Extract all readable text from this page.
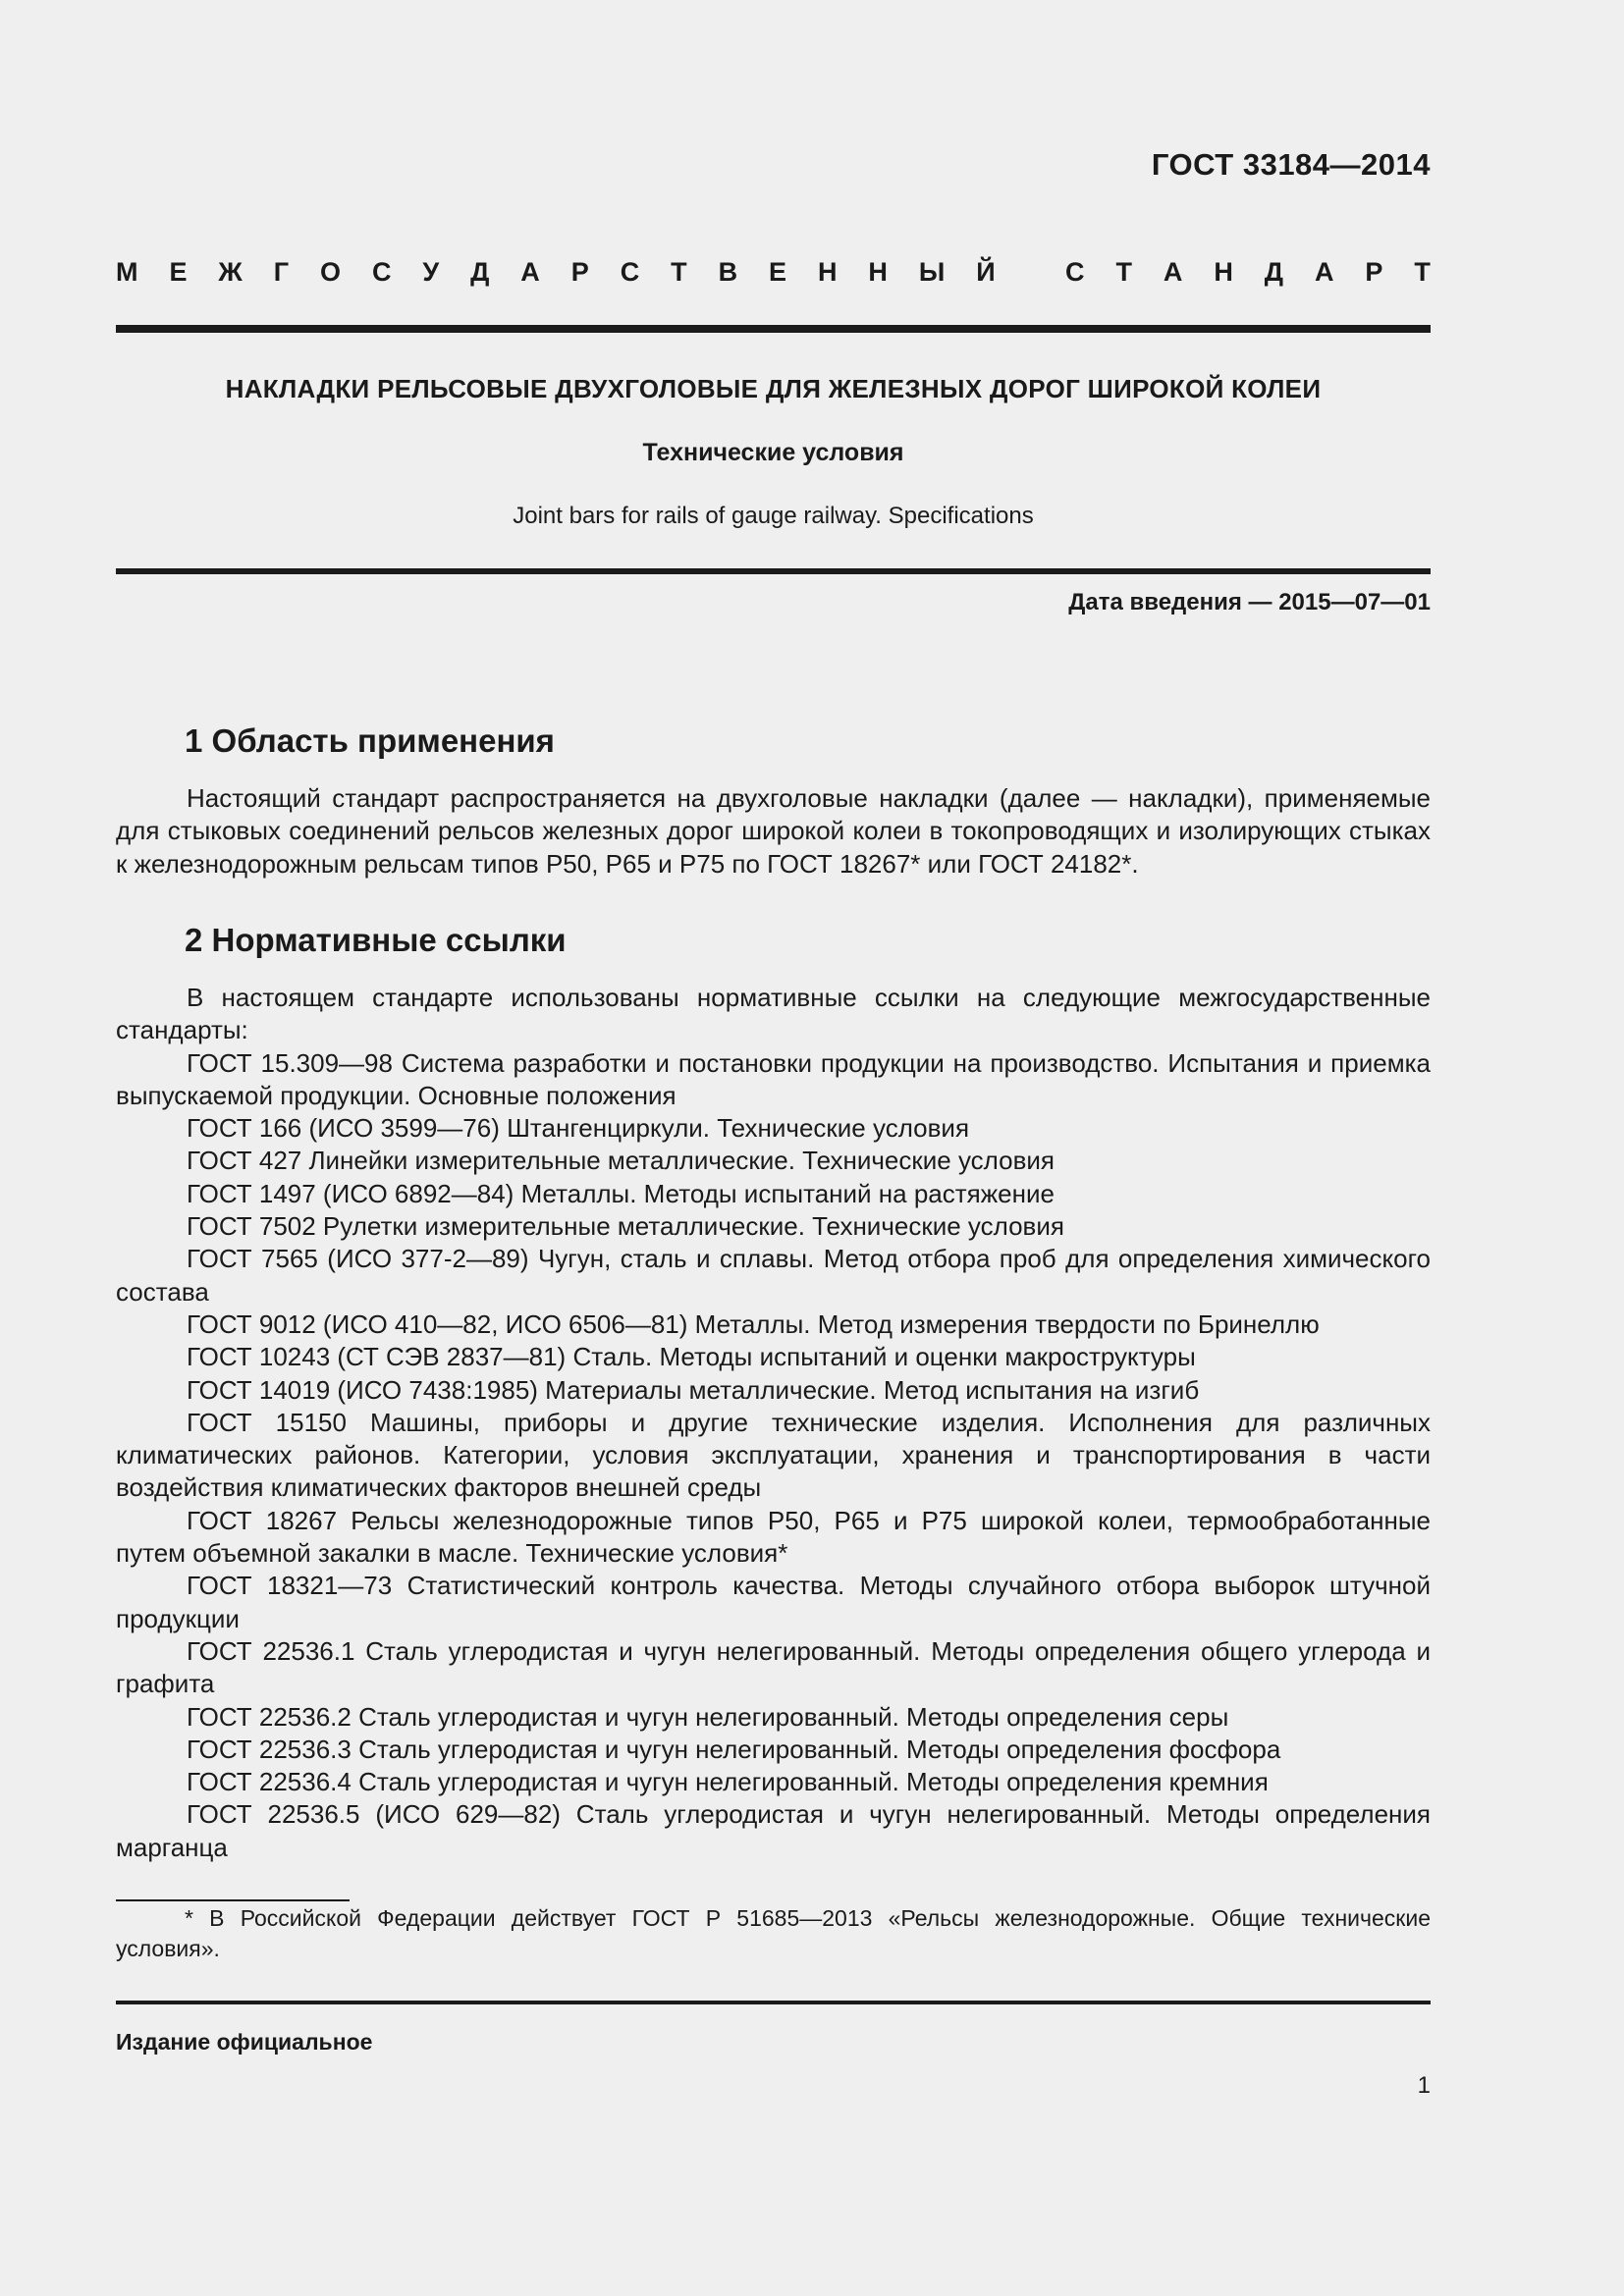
ГОСТ 33184—2014
М Е Ж Г О С У Д А Р С Т В Е Н Н Ы Й
	С Т А Н Д А Р Т
НАКЛАДКИ РЕЛЬСОВЫЕ ДВУХГОЛОВЫЕ ДЛЯ ЖЕЛЕЗНЫХ ДОРОГ ШИРОКОЙ КОЛЕИ
Технические условия
Joint bars for rails of gauge railway. Specifications
Дата введения — 2015—07—01
1 Область применения

Настоящий стандарт распространяется на двухголовые накладки (далее — накладки), применяемые для стыковых соединений рельсов железных дорог широкой колеи в токопроводящих и изолирующих стыках к железнодорожным рельсам типов Р50, Р65 и Р75 по ГОСТ 18267* или ГОСТ 24182*.

2 Нормативные ссылки

В настоящем стандарте использованы нормативные ссылки на следующие межгосударственные стандарты:

ГОСТ 15.309—98 Система разработки и постановки продукции на производство. Испытания и приемка выпускаемой продукции. Основные положения

ГОСТ 166 (ИСО 3599—76) Штангенциркули. Технические условия

ГОСТ 427 Линейки измерительные металлические. Технические условия

ГОСТ 1497 (ИСО 6892—84) Металлы. Методы испытаний на растяжение

ГОСТ 7502 Рулетки измерительные металлические. Технические условия

ГОСТ 7565 (ИСО 377-2—89) Чугун, сталь и сплавы. Метод отбора проб для определения химического состава

ГОСТ 9012 (ИСО 410—82, ИСО 6506—81) Металлы. Метод измерения твердости по Бринеллю

ГОСТ 10243 (СТ СЭВ 2837—81) Сталь. Методы испытаний и оценки макроструктуры

ГОСТ 14019 (ИСО 7438:1985) Материалы металлические. Метод испытания на изгиб

ГОСТ 15150 Машины, приборы и другие технические изделия. Исполнения для различных климатических районов. Категории, условия эксплуатации, хранения и транспортирования в части воздействия климатических факторов внешней среды

ГОСТ 18267 Рельсы железнодорожные типов Р50, Р65 и Р75 широкой колеи, термообработанные путем объемной закалки в масле. Технические условия*

ГОСТ 18321—73 Статистический контроль качества. Методы случайного отбора выборок штучной продукции

ГОСТ 22536.1 Сталь углеродистая и чугун нелегированный. Методы определения общего углерода и графита

ГОСТ 22536.2 Сталь углеродистая и чугун нелегированный. Методы определения серы

ГОСТ 22536.3 Сталь углеродистая и чугун нелегированный. Методы определения фосфора

ГОСТ 22536.4 Сталь углеродистая и чугун нелегированный. Методы определения кремния

ГОСТ 22536.5 (ИСО 629—82) Сталь углеродистая и чугун нелегированный. Методы определения марганца

* В Российской Федерации действует ГОСТ Р 51685—2013 «Рельсы железнодорожные. Общие технические условия».

Издание официальное
1
